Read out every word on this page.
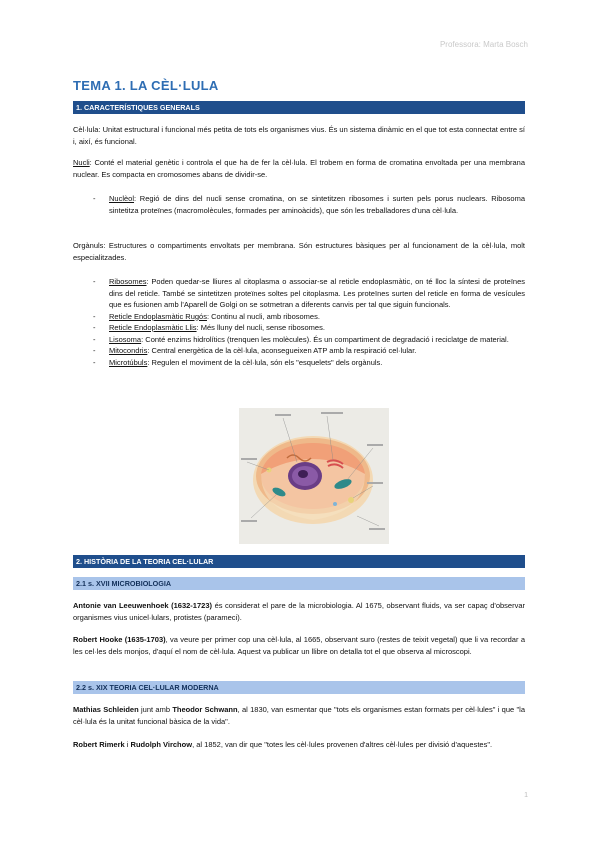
Professora: Marta Bosch
TEMA 1. LA CÈL·LULA
1. CARACTERÍSTIQUES GENERALS
Cèl·lula: Unitat estructural i funcional més petita de tots els organismes vius. És un sistema dinàmic en el que tot esta connectat entre sí i, així, és funcional.
Nucli: Conté el material genètic i controla el que ha de fer la cèl·lula. El trobem en forma de cromatina envoltada per una membrana nuclear. Es compacta en cromosomes abans de dividir-se.
- Nuclèol: Regió de dins del nucli sense cromatina, on se sintetitzen ribosomes i surten pels porus nuclears. Ribosoma sintetitza proteïnes (macromolècules, formades per aminoàcids), que són les treballadores d'una cèl·lula.
Orgànuls: Estructures o compartiments envoltats per membrana. Són estructures bàsiques per al funcionament de la cèl·lula, molt especialitzades.
- Ribosomes: Poden quedar-se lliures al citoplasma o associar-se al reticle endoplasmàtic, on té lloc la síntesi de proteïnes dins del reticle. També se sintetitzen proteïnes soltes pel citoplasma. Les proteïnes surten del reticle en forma de vesícules que es fusionen amb l'Aparell de Golgi on se sotmetran a diferents canvis per tal que siguin funcionals.
- Reticle Endoplasmàtic Rugós: Continu al nucli, amb ribosomes.
- Reticle Endoplasmàtic Llis: Més lluny del nucli, sense ribosomes.
- Lisosoma: Conté enzims hidrolítics (trenquen les molècules). És un compartiment de degradació i reciclatge de material.
- Mitocondris: Central energètica de la cèl·lula, aconsegueixen ATP amb la respiració cel·lular.
- Microtúbuls: Regulen el moviment de la cèl·lula, són els "esquelets" dels orgànuls.
2. HISTÒRIA DE LA TEORIA CEL·LULAR
2.1 s. XVII MICROBIOLOGIA
Antonie van Leeuwenhoek (1632-1723) és considerat el pare de la microbiologia. Al 1675, observant fluids, va ser capaç d'observar organismes vius unicel·lulars, protistes (parameci).
Robert Hooke (1635-1703), va veure per primer cop una cèl·lula, al 1665, observant suro (restes de teixit vegetal) que li va recordar a les cel·les dels monjos, d'aquí el nom de cèl·lula. Aquest va publicar un llibre on detalla tot el que observa al microscopi.
2.2 s. XIX TEORIA CEL·LULAR MODERNA
Mathias Schleiden junt amb Theodor Schwann, al 1830, van esmentar que "tots els organismes estan formats per cèl·lules" i que "la cèl·lula és la unitat funcional bàsica de la vida".
Robert Rimerk i Rudolph Virchow, al 1852, van dir que "totes les cèl·lules provenen d'altres cèl·lules per divisió d'aquestes".
1
